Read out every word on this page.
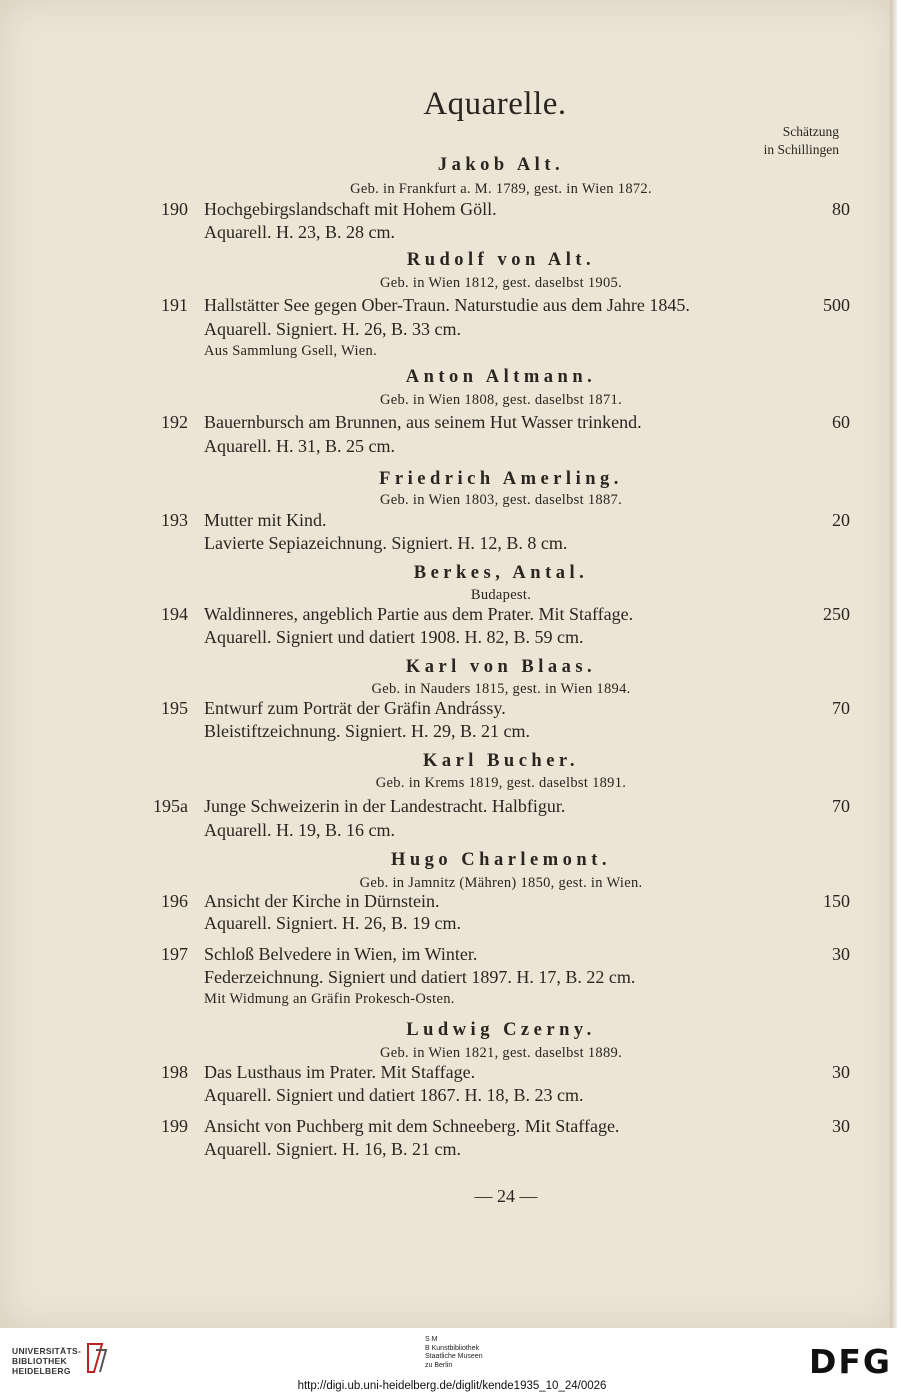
Aquarelle.
Schätzung
in Schillingen
Jakob Alt.
Geb. in Frankfurt a. M. 1789, gest. in Wien 1872.
190 Hochgebirgslandschaft mit Hohem Göll.	80
Aquarell. H. 23, B. 28 cm.
Rudolf von Alt.
Geb. in Wien 1812, gest. daselbst 1905.
191 Hallstätter See gegen Ober-Traun. Naturstudie aus dem Jahre 1845.	500
Aquarell. Signiert. H. 26, B. 33 cm.
Aus Sammlung Gsell, Wien.
Anton Altmann.
Geb. in Wien 1808, gest. daselbst 1871.
192 Bauernbursch am Brunnen, aus seinem Hut Wasser trinkend.	60
Aquarell. H. 31, B. 25 cm.
Friedrich Amerling.
Geb. in Wien 1803, gest. daselbst 1887.
193 Mutter mit Kind.	20
Lavierte Sepiazeichnung. Signiert. H. 12, B. 8 cm.
Berkes, Antal.
Budapest.
194 Waldinneres, angeblich Partie aus dem Prater. Mit Staffage.	250
Aquarell. Signiert und datiert 1908. H. 82, B. 59 cm.
Karl von Blaas.
Geb. in Nauders 1815, gest. in Wien 1894.
195 Entwurf zum Porträt der Gräfin Andrássy.	70
Bleistiftzeichnung. Signiert. H. 29, B. 21 cm.
Karl Bucher.
Geb. in Krems 1819, gest. daselbst 1891.
195a Junge Schweizerin in der Landestracht. Halbfigur.	70
Aquarell. H. 19, B. 16 cm.
Hugo Charlemont.
Geb. in Jamnitz (Mähren) 1850, gest. in Wien.
196 Ansicht der Kirche in Dürnstein.	150
Aquarell. Signiert. H. 26, B. 19 cm.
197 Schloß Belvedere in Wien, im Winter.	30
Federzeichnung. Signiert und datiert 1897. H. 17, B. 22 cm.
Mit Widmung an Gräfin Prokesch-Osten.
Ludwig Czerny.
Geb. in Wien 1821, gest. daselbst 1889.
198 Das Lusthaus im Prater. Mit Staffage.	30
Aquarell. Signiert und datiert 1867. H. 18, B. 23 cm.
199 Ansicht von Puchberg mit dem Schneeberg. Mit Staffage.	30
Aquarell. Signiert. H. 16, B. 21 cm.
— 24 —
UNIVERSITÄTS-
BIBLIOTHEK
HEIDELBERG
S M
B Kunstbibliothek
Staatliche Museen
zu Berlin	DFG
http://digi.ub.uni-heidelberg.de/diglit/kende1935_10_24/0026
